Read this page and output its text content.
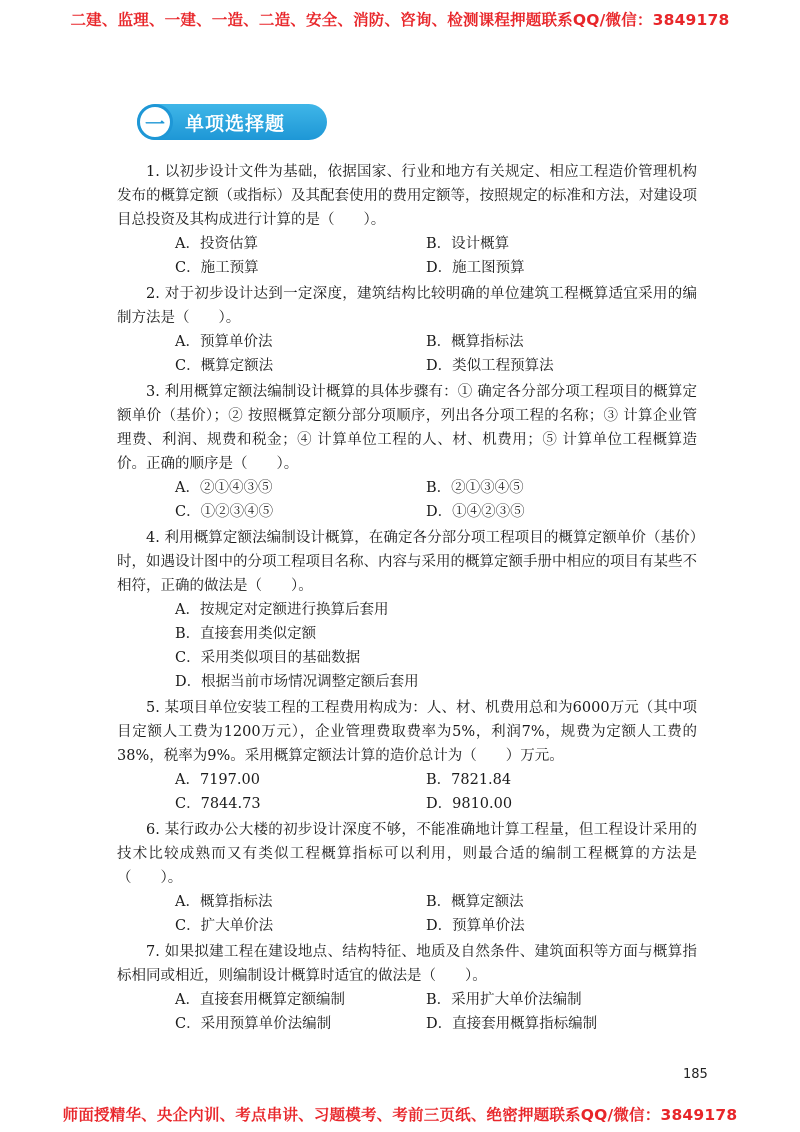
二建、监理、一建、一造、二造、安全、消防、咨询、检测课程押题联系QQ/微信：3849178
一	单项选择题

1. 以初步设计文件为基础，依据国家、行业和地方有关规定、相应工程造价管理机构发布的概算定额（或指标）及其配套使用的费用定额等，按照规定的标准和方法，对建设项目总投资及其构成进行计算的是（　　）。

A．投资估算	B．设计概算
C．施工预算	D．施工图预算

2. 对于初步设计达到一定深度，建筑结构比较明确的单位建筑工程概算适宜采用的编制方法是（　　）。

A．预算单价法	B．概算指标法
C．概算定额法	D．类似工程预算法

3. 利用概算定额法编制设计概算的具体步骤有：① 确定各分部分项工程项目的概算定额单价（基价）；② 按照概算定额分部分项顺序，列出各分项工程的名称；③ 计算企业管理费、利润、规费和税金；④ 计算单位工程的人、材、机费用；⑤ 计算单位工程概算造价。正确的顺序是（　　）。

A．②①④③⑤	B．②①③④⑤
C．①②③④⑤	D．①④②③⑤

4. 利用概算定额法编制设计概算，在确定各分部分项工程项目的概算定额单价（基价）时，如遇设计图中的分项工程项目名称、内容与采用的概算定额手册中相应的项目有某些不相符，正确的做法是（　　）。

A．按规定对定额进行换算后套用
B．直接套用类似定额
C．采用类似项目的基础数据
D．根据当前市场情况调整定额后套用

5. 某项目单位安装工程的工程费用构成为：人、材、机费用总和为6000万元（其中项目定额人工费为1200万元），企业管理费取费率为5%，利润7%，规费为定额人工费的38%，税率为9%。采用概算定额法计算的造价总计为（　　）万元。

A．7197.00	B．7821.84
C．7844.73	D．9810.00

6. 某行政办公大楼的初步设计深度不够，不能准确地计算工程量，但工程设计采用的技术比较成熟而又有类似工程概算指标可以利用，则最合适的编制工程概算的方法是（　　）。

A．概算指标法	B．概算定额法
C．扩大单价法	D．预算单价法

7. 如果拟建工程在建设地点、结构特征、地质及自然条件、建筑面积等方面与概算指标相同或相近，则编制设计概算时适宜的做法是（　　）。

A．直接套用概算定额编制	B．采用扩大单价法编制
C．采用预算单价法编制	D．直接套用概算指标编制
185
师面授精华、央企内训、考点串讲、习题模考、考前三页纸、绝密押题联系QQ/微信：3849178
